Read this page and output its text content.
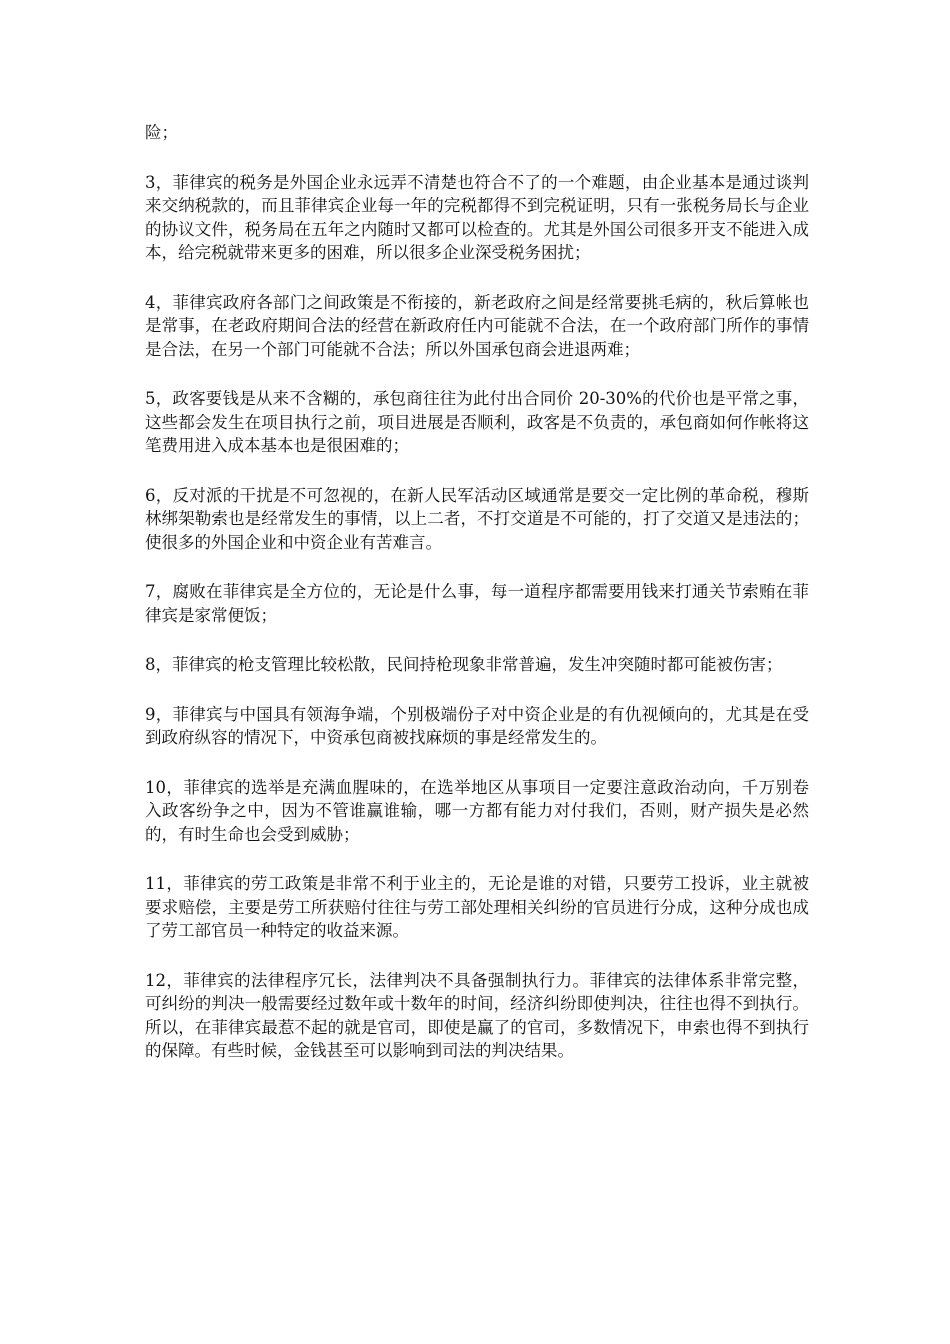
险；

3，菲律宾的税务是外国企业永远弄不清楚也符合不了的一个难题，由企业基本是通过谈判来交纳税款的，而且菲律宾企业每一年的完税都得不到完税证明，只有一张税务局长与企业的协议文件，税务局在五年之内随时又都可以检查的。尤其是外国公司很多开支不能进入成本，给完税就带来更多的困难，所以很多企业深受税务困扰；

4，菲律宾政府各部门之间政策是不衔接的，新老政府之间是经常要挑毛病的，秋后算帐也是常事，在老政府期间合法的经营在新政府任内可能就不合法，在一个政府部门所作的事情是合法，在另一个部门可能就不合法；所以外国承包商会进退两难；

5，政客要钱是从来不含糊的，承包商往往为此付出合同价 20-30%的代价也是平常之事，这些都会发生在项目执行之前，项目进展是否顺利，政客是不负责的，承包商如何作帐将这笔费用进入成本基本也是很困难的；

6，反对派的干扰是不可忽视的，在新人民军活动区域通常是要交一定比例的革命税，穆斯林绑架勒索也是经常发生的事情，以上二者，不打交道是不可能的，打了交道又是违法的；使很多的外国企业和中资企业有苦难言。

7，腐败在菲律宾是全方位的，无论是什么事，每一道程序都需要用钱来打通关节索贿在菲律宾是家常便饭；

8，菲律宾的枪支管理比较松散，民间持枪现象非常普遍，发生冲突随时都可能被伤害；

9，菲律宾与中国具有领海争端，个别极端份子对中资企业是的有仇视倾向的，尤其是在受到政府纵容的情况下，中资承包商被找麻烦的事是经常发生的。

10，菲律宾的选举是充满血腥味的，在选举地区从事项目一定要注意政治动向，千万别卷入政客纷争之中，因为不管谁赢谁输，哪一方都有能力对付我们，否则，财产损失是必然的，有时生命也会受到威胁；

11，菲律宾的劳工政策是非常不利于业主的，无论是谁的对错，只要劳工投诉，业主就被要求赔偿，主要是劳工所获赔付往往与劳工部处理相关纠纷的官员进行分成，这种分成也成了劳工部官员一种特定的收益来源。

12，菲律宾的法律程序冗长，法律判决不具备强制执行力。菲律宾的法律体系非常完整，可纠纷的判决一般需要经过数年或十数年的时间，经济纠纷即使判决，往往也得不到执行。所以，在菲律宾最惹不起的就是官司，即使是赢了的官司，多数情况下，申索也得不到执行的保障。有些时候，金钱甚至可以影响到司法的判决结果。
